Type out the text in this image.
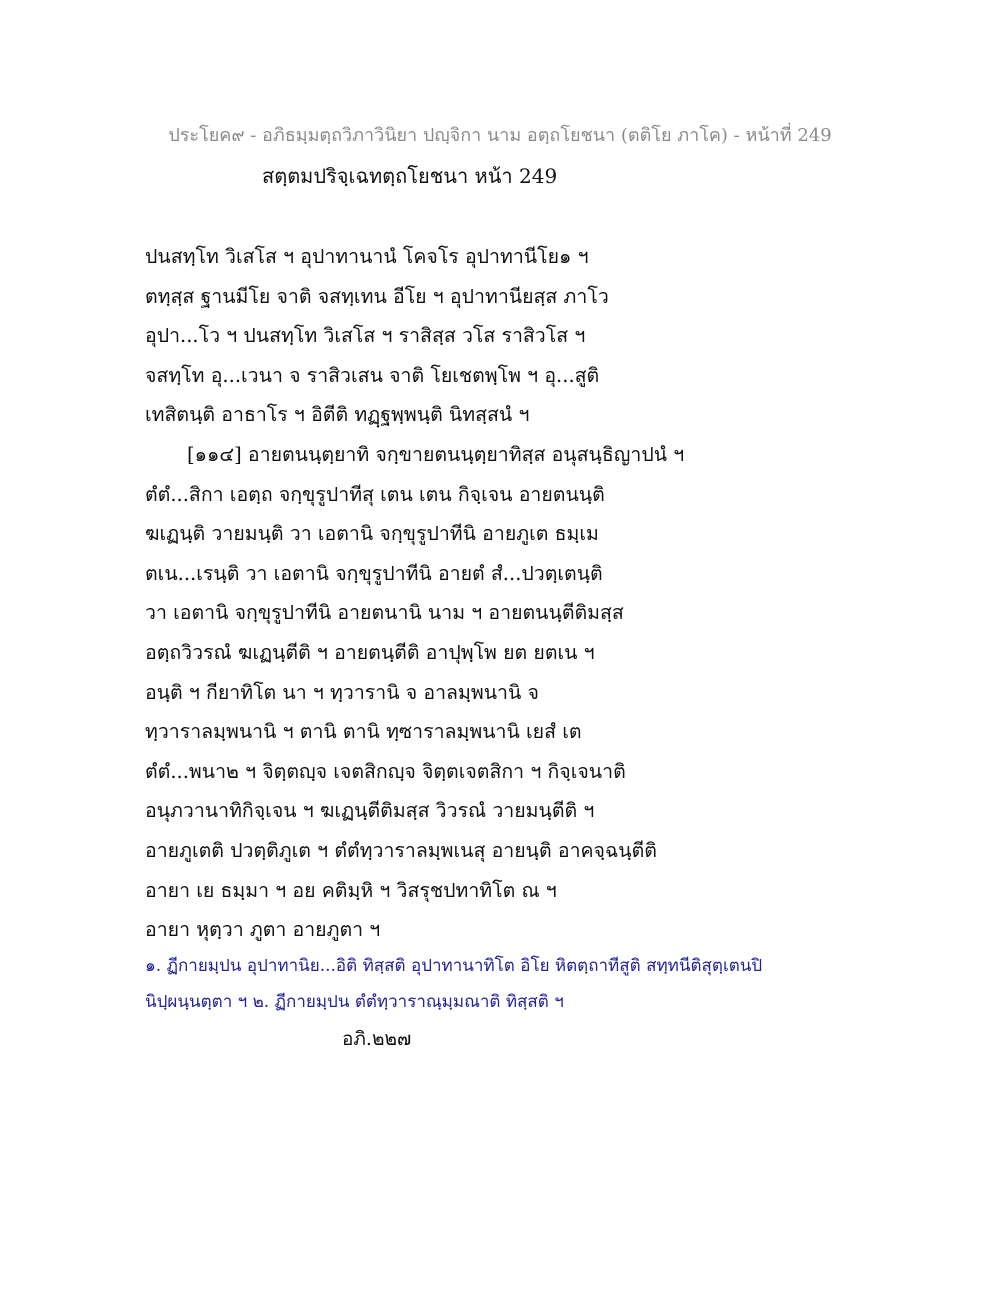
ประโยค๙ - อภิธมฺมตฺถวิภาวินิยา ปญฺจิกา นาม อตฺถโยชนา (ตติโย ภาโค) - หน้าที่ 249
สตฺตมปริจฺเฉทตฺถโยชนา หน้า 249
ปนสทฺโท วิเสโส ฯ อุปาทานานํ โคจโร อุปาทานีโย๑ ฯ
ตทฺสฺส ฐานมีโย จาติ จสทฺเทน อีโย ฯ อุปาทานียสฺส ภาโว
อุปา...โว ฯ ปนสทฺโท วิเสโส ฯ ราสิสฺส วโส ราสิวโส ฯ
จสทฺโท อุ...เวนา จ ราสิวเสน จาติ โยเชตพฺโพ ฯ อุ...สูติ
เทสิตนฺติ อาธาโร ฯ อิตีติ ทฏฺฐพฺพนฺติ นิทสฺสนํ ฯ
[๑๑๔] อายตนนฺตฺยาทิ จกฺขายตนนฺตฺยาทิสฺส อนุสนฺธิญาปนํ ฯ
ตํตํ...สิกา เอตฺถ จกฺขุรูปาทีสุ เตน เตน กิจฺเจน อายตนนฺติ
ฆเฏนฺติ วายมนฺติ วา เอตานิ จกฺขุรูปาทีนิ อายภูเต ธมฺเม
ตเน...เรนฺติ วา เอตานิ จกฺขุรูปาทีนิ อายตํ สํ...ปวตฺเตนฺติ
วา เอตานิ จกฺขุรูปาทีนิ อายตนานิ นาม ฯ อายตนนฺตีติมสฺส
อตฺถวิวรณํ ฆเฏนฺตีติ ฯ อายตนฺตีติ อาปุพฺโพ ยต ยตเน ฯ
อนฺติ ฯ กียาทิโต นา ฯ ทฺวารานิ จ อาลมฺพนานิ จ
ทฺวาราลมฺพนานิ ฯ ตานิ ตานิ ทฺซาราลมฺพนานิ เยสํ เต
ตํตํ...พนา๒ ฯ จิตฺตญฺจ เจตสิกญฺจ จิตฺตเจตสิกา ฯ กิจฺเจนาติ
อนุภวานาทิกิจฺเจน ฯ ฆเฏนฺตีติมสฺส วิวรณํ วายมนฺตีติ ฯ
อายภูเตติ ปวตฺติภูเต ฯ ตํตํทฺวาราลมฺพเนสุ อายนฺติ อาคจฺฉนฺตีติ
อายา เย ธมฺมา ฯ อย คติมฺหิ ฯ วิสรุชปทาทิโต ณ ฯ
อายา หุตฺวา ภูตา อายภูตา ฯ
๑. ฏีกายมฺปน อุปาทานิย...อิติ ทิสฺสติ อุปาทานาทิโต อิโย หิตตฺถาทีสูติ สทฺทนีติสุตฺเตนปิ
นิปฺผนฺนตฺตา ฯ ๒. ฏีกายมฺปน ตํตํทฺวาราณฺมฺมณาติ ทิสฺสติ ฯ
อภิ.๒๒๗
